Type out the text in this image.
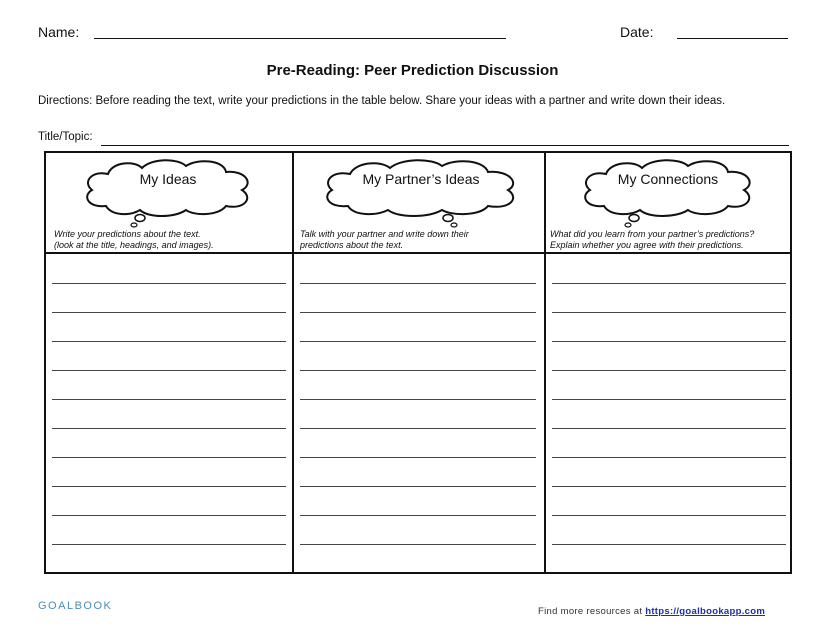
Name:	Date:
Pre-Reading: Peer Prediction Discussion
Directions: Before reading the text, write your predictions in the table below. Share your ideas with a partner and write down their ideas.
Title/Topic:
My Ideas
Write your predictions about the text.
(look at the title, headings, and images).
My Partner’s Ideas
Talk with your partner and write down their
predictions about the text.
My Connections
What did you learn from your partner’s predictions?
Explain whether you agree with their predictions.
GOALBOOK	Find more resources at https://goalbookapp.com
